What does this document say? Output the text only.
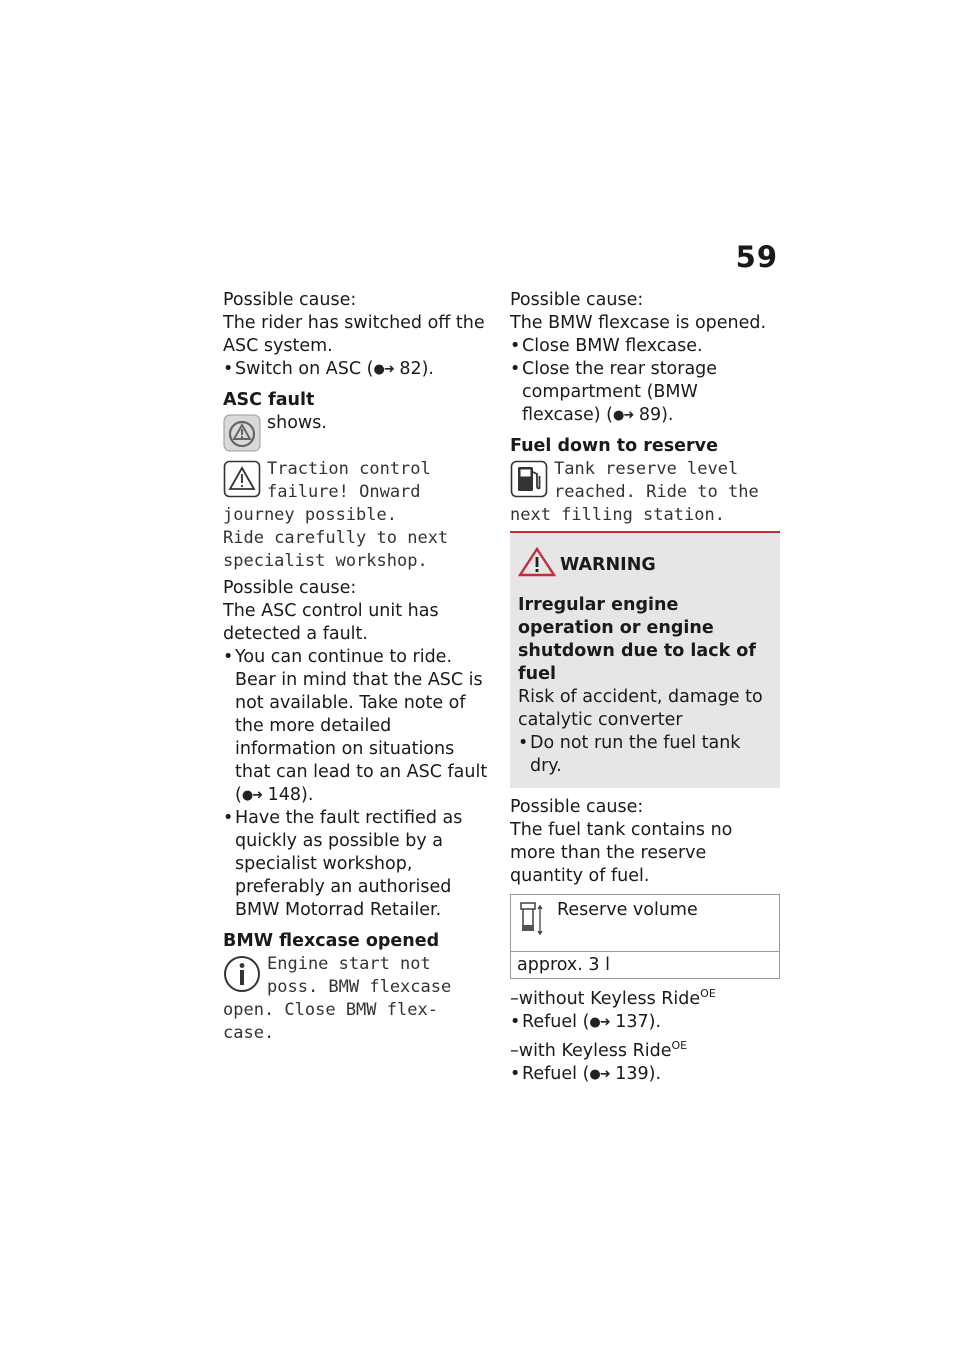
59

Possible cause:

The rider has switched off the ASC system.

• Switch on ASC (●➜ 82).

ASC fault

shows.

Traction control
failure! Onward
journey possible.
Ride carefully to next
specialist workshop.

Possible cause:

The ASC control unit has detected a fault.

• You can continue to ride. Bear in mind that the ASC is not available. Take note of the more detailed information on situations that can lead to an ASC fault (●➜ 148).
• Have the fault rectified as quickly as possible by a specialist workshop, preferably an authorised BMW Motorrad Retailer.

BMW flexcase opened

Engine start not
poss. BMW flexcase
open. Close BMW flex-
case.

Possible cause:

The BMW flexcase is opened.

• Close BMW flexcase.
• Close the rear storage compartment (BMW flexcase) (●➜ 89).

Fuel down to reserve

Tank reserve level
reached. Ride to the
next filling station.
WARNING

Irregular engine operation or engine shutdown due to lack of fuel

Risk of accident, damage to catalytic converter

• Do not run the fuel tank dry.

Possible cause:

The fuel tank contains no more than the reserve quantity of fuel.

Reserve volume
approx. 3 l

–without Keyless Ride$^{OE}$

• Refuel (●➜ 137).

–with Keyless Ride$^{OE}$

• Refuel (●➜ 139).
